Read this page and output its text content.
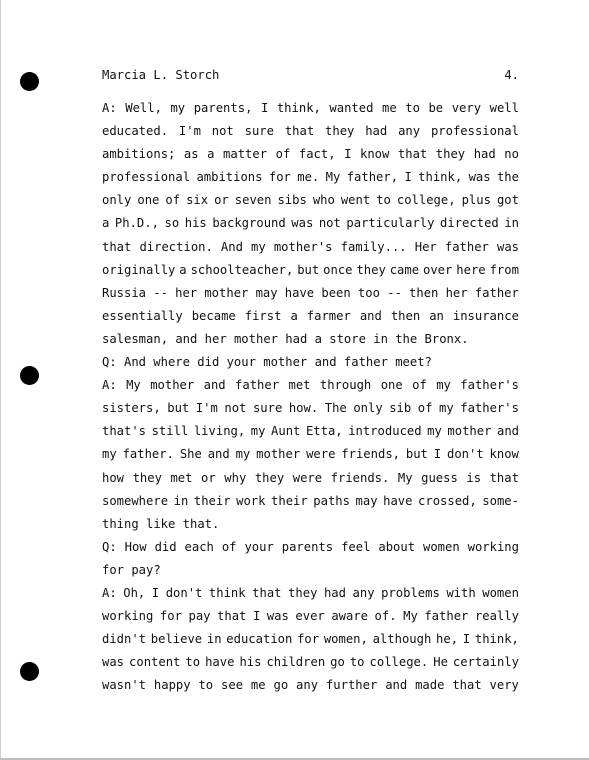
Marcia L. Storch	4.
A: Well, my parents, I think, wanted me to be very well
educated. I'm not sure that they had any professional
ambitions; as a matter of fact, I know that they had no
professional ambitions for me. My father, I think, was the
only one of six or seven sibs who went to college, plus got
a Ph.D., so his background was not particularly directed in
that direction. And my mother's family... Her father was
originally a schoolteacher, but once they came over here from
Russia -- her mother may have been too -- then her father
essentially became first a farmer and then an insurance
salesman, and her mother had a store in the Bronx.
Q: And where did your mother and father meet?
A: My mother and father met through one of my father's
sisters, but I'm not sure how. The only sib of my father's
that's still living, my Aunt Etta, introduced my mother and
my father. She and my mother were friends, but I don't know
how they met or why they were friends. My guess is that
somewhere in their work their paths may have crossed, some-
thing like that.
Q: How did each of your parents feel about women working
for pay?
A: Oh, I don't think that they had any problems with women
working for pay that I was ever aware of. My father really
didn't believe in education for women, although he, I think,
was content to have his children go to college. He certainly
wasn't happy to see me go any further and made that very
